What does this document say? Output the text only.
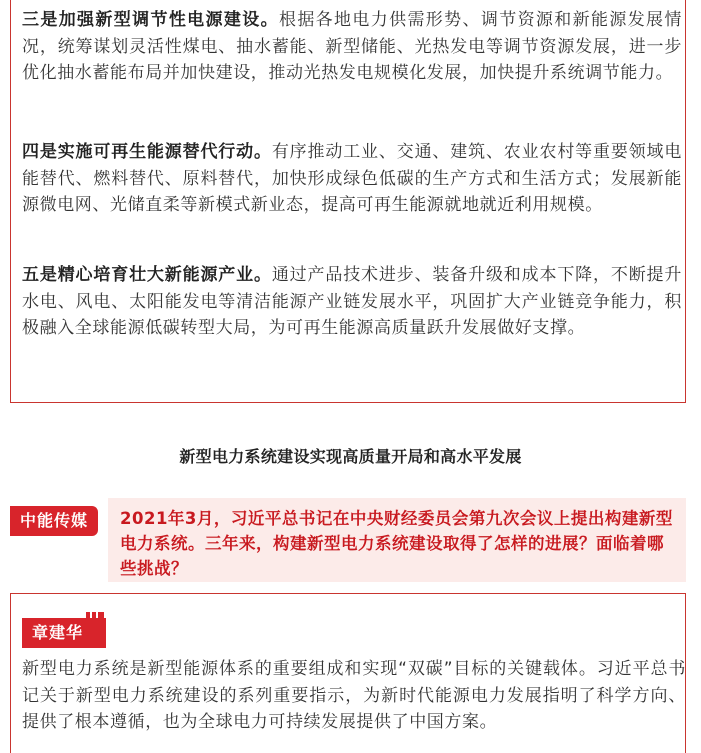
三是加强新型调节性电源建设。根据各地电力供需形势、调节资源和新能源发展情况，统筹谋划灵活性煤电、抽水蓄能、新型储能、光热发电等调节资源发展，进一步优化抽水蓄能布局并加快建设，推动光热发电规模化发展，加快提升系统调节能力。

四是实施可再生能源替代行动。有序推动工业、交通、建筑、农业农村等重要领域电能替代、燃料替代、原料替代，加快形成绿色低碳的生产方式和生活方式；发展新能源微电网、光储直柔等新模式新业态，提高可再生能源就地就近利用规模。

五是精心培育壮大新能源产业。通过产品技术进步、装备升级和成本下降，不断提升水电、风电、太阳能发电等清洁能源产业链发展水平，巩固扩大产业链竞争能力，积极融入全球能源低碳转型大局，为可再生能源高质量跃升发展做好支撑。

新型电力系统建设实现高质量开局和高水平发展
中能传媒	2021年3月，习近平总书记在中央财经委员会第九次会议上提出构建新型电力系统。三年来，构建新型电力系统建设取得了怎样的进展？面临着哪些挑战？
章建华

新型电力系统是新型能源体系的重要组成和实现“双碳”目标的关键载体。习近平总书记关于新型电力系统建设的系列重要指示，为新时代能源电力发展指明了科学方向、提供了根本遵循，也为全球电力可持续发展提供了中国方案。
